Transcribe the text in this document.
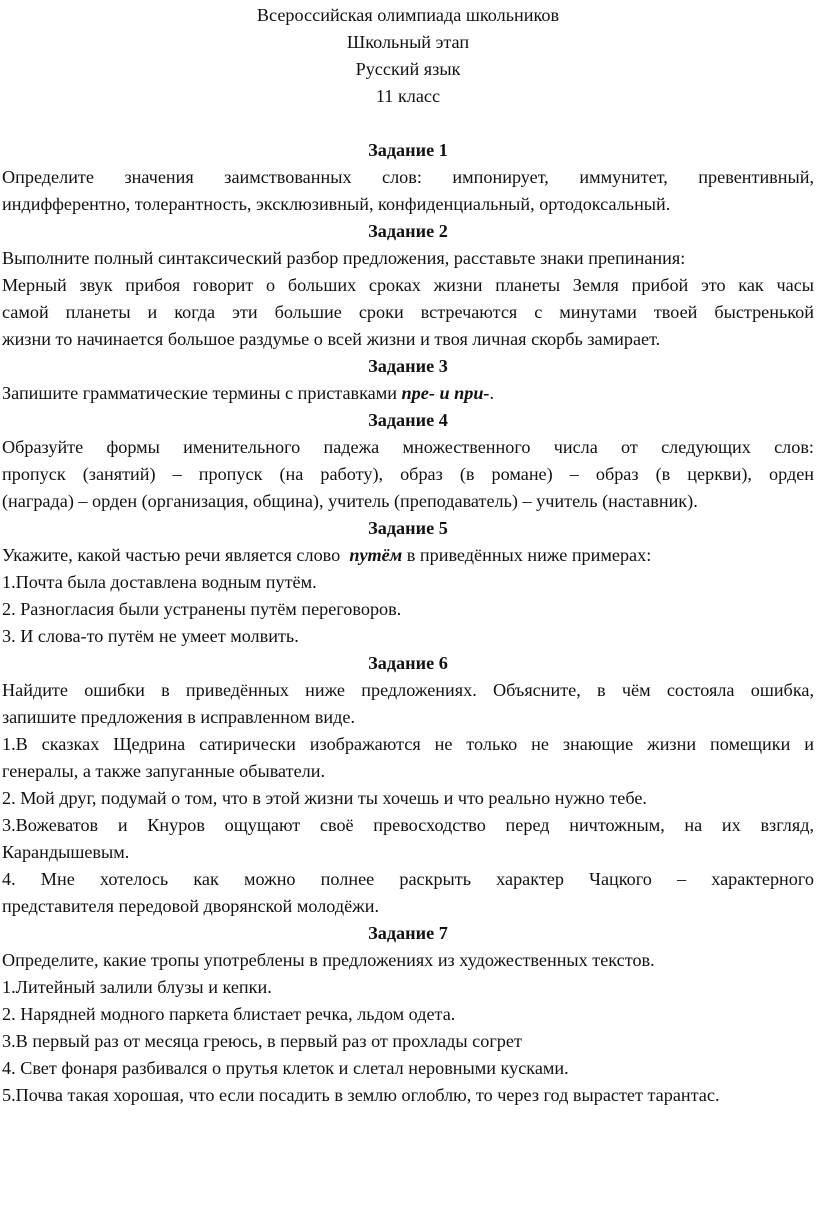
Всероссийская олимпиада школьников

Школьный этап

Русский язык

11 класс

Задание 1

Определите значения заимствованных слов: импонирует, иммунитет, превентивный,

индифферентно, толерантность, эксклюзивный, конфиденциальный, ортодоксальный.

Задание 2

Выполните полный синтаксический разбор предложения, расставьте знаки препинания:

Мерный звук прибоя говорит о больших сроках жизни планеты Земля прибой это как часы

самой планеты и когда эти большие сроки встречаются с минутами твоей быстренькой

жизни то начинается большое раздумье о всей жизни и твоя личная скорбь замирает.

Задание 3

Запишите грамматические термины с приставками пре- и при-.

Задание 4

Образуйте формы именительного падежа множественного числа от следующих слов:

пропуск (занятий) – пропуск (на работу), образ (в романе) – образ (в церкви), орден

(награда) – орден (организация, община), учитель (преподаватель) – учитель (наставник).

Задание 5

Укажите, какой частью речи является слово  путём в приведённых ниже примерах:

1.Почта была доставлена водным путём.

2. Разногласия были устранены путём переговоров.

3. И слова-то путём не умеет молвить.

Задание 6

Найдите ошибки в приведённых ниже предложениях. Объясните, в чём состояла ошибка,

запишите предложения в исправленном виде.

1.В сказках Щедрина сатирически изображаются не только не знающие жизни помещики и

генералы, а также запуганные обыватели.

2. Мой друг, подумай о том, что в этой жизни ты хочешь и что реально нужно тебе.

3.Вожеватов и Кнуров ощущают своё превосходство перед ничтожным, на их взгляд,

Карандышевым.

4. Мне хотелось как можно полнее раскрыть характер Чацкого – характерного

представителя передовой дворянской молодёжи.

Задание 7

Определите, какие тропы употреблены в предложениях из художественных текстов.

1.Литейный залили блузы и кепки.

2. Нарядней модного паркета блистает речка, льдом одета.

3.В первый раз от месяца греюсь, в первый раз от прохлады согрет

4. Свет фонаря разбивался о прутья клеток и слетал неровными кусками.

5.Почва такая хорошая, что если посадить в землю оглоблю, то через год вырастет тарантас.
